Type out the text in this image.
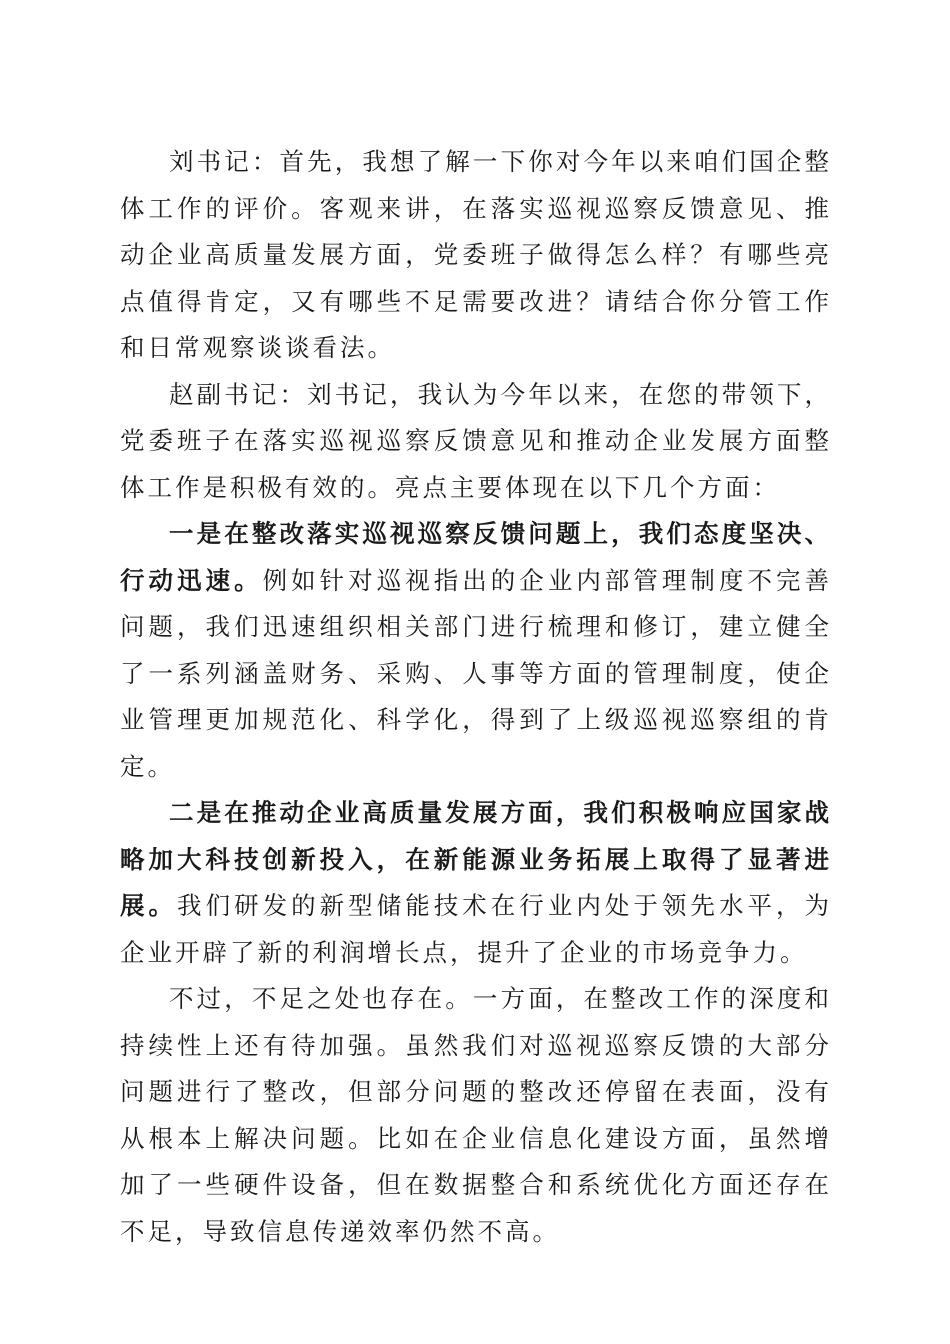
刘书记：首先，我想了解一下你对今年以来咱们国企整体工作的评价。客观来讲，在落实巡视巡察反馈意见、推动企业高质量发展方面，党委班子做得怎么样？有哪些亮点值得肯定，又有哪些不足需要改进？请结合你分管工作和日常观察谈谈看法。

赵副书记：刘书记，我认为今年以来，在您的带领下，党委班子在落实巡视巡察反馈意见和推动企业发展方面整体工作是积极有效的。亮点主要体现在以下几个方面：

一是在整改落实巡视巡察反馈问题上，我们态度坚决、行动迅速。例如针对巡视指出的企业内部管理制度不完善问题，我们迅速组织相关部门进行梳理和修订，建立健全了一系列涵盖财务、采购、人事等方面的管理制度，使企业管理更加规范化、科学化，得到了上级巡视巡察组的肯定。

二是在推动企业高质量发展方面，我们积极响应国家战略加大科技创新投入，在新能源业务拓展上取得了显著进展。我们研发的新型储能技术在行业内处于领先水平，为企业开辟了新的利润增长点，提升了企业的市场竞争力。

不过，不足之处也存在。一方面，在整改工作的深度和持续性上还有待加强。虽然我们对巡视巡察反馈的大部分问题进行了整改，但部分问题的整改还停留在表面，没有从根本上解决问题。比如在企业信息化建设方面，虽然增加了一些硬件设备，但在数据整合和系统优化方面还存在不足，导致信息传递效率仍然不高。
